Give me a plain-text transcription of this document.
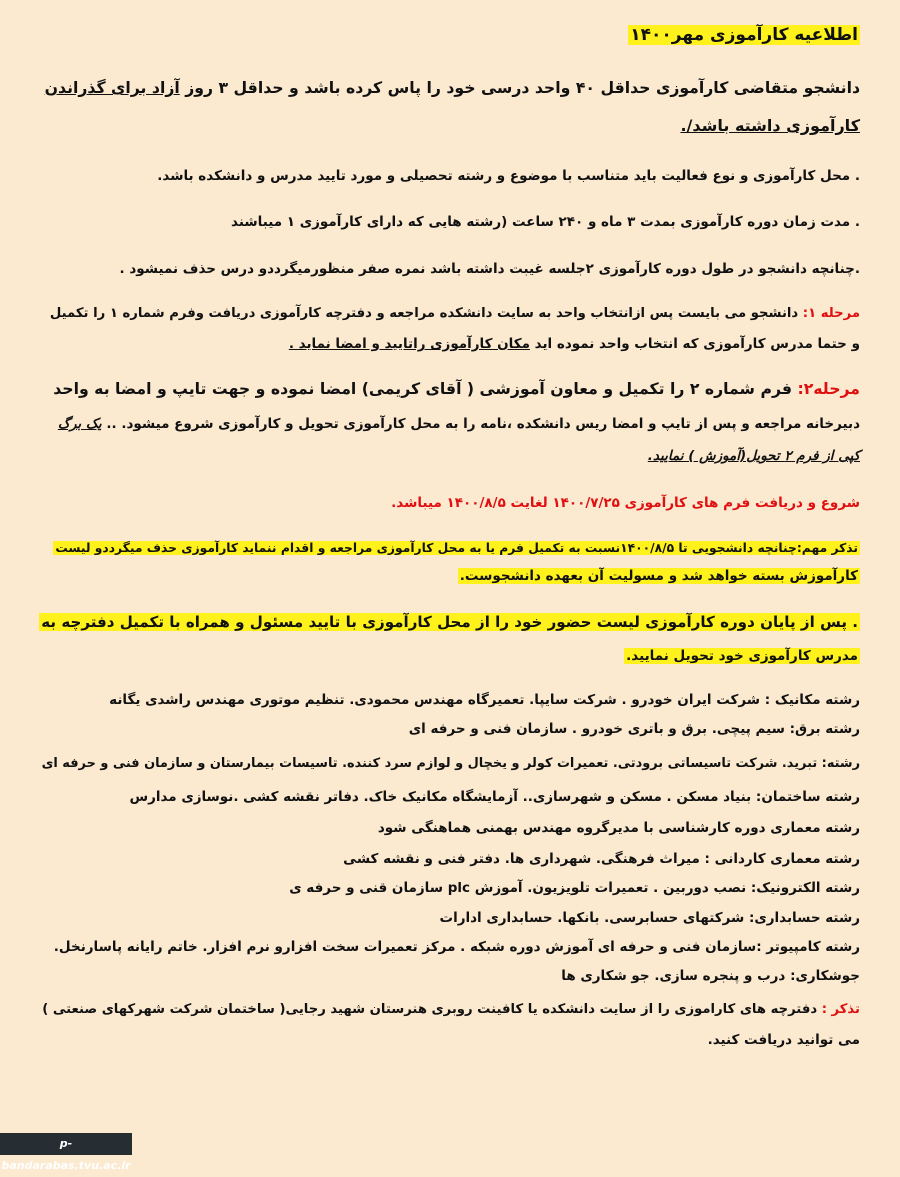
اطلاعیه کارآموزی مهر۱۴۰۰
دانشجو متقاضی کارآموزی حداقل ۴۰ واحد درسی خود را پاس کرده باشد و حداقل ۳ روز آزاد برای گذراندن
کارآموزی داشته باشد/.
. محل کارآموزی و نوع فعالیت باید متناسب با موضوع و رشته تحصیلی و مورد تایید مدرس و دانشکده باشد.
. مدت زمان دوره کارآموزی بمدت ۳ ماه و ۲۴۰ ساعت (رشته هایی که دارای کارآموزی ۱ میباشند
.چنانچه دانشجو در طول دوره کارآموزی ۲جلسه غیبت داشته باشد نمره صفر منظورمیگرددو درس حذف نمیشود .
مرحله ۱: دانشجو می بایست پس ازانتخاب واحد به سایت دانشکده مراجعه و دفترچه کارآموزی دریافت وفرم شماره ۱ را تکمیل
و حتما مدرس کارآموزی که انتخاب واحد نموده اید مکان کارآموزی راتایید و امضا نماید .
مرحله۲: فرم شماره ۲ را تکمیل و معاون آموزشی ( آقای کریمی) امضا نموده و جهت تایپ و امضا به واحد
دبیرخانه مراجعه و پس از تایپ و امضا ریس دانشکده ،نامه را به محل کارآموزی تحویل و کارآموزی شروع میشود. .. یک برگ
کپی از فرم ۲ تحویل(آموزش ) نمایید.
شروع و دریافت فرم های کارآموزی ۱۴۰۰/۷/۲۵ لغایت ۱۴۰۰/۸/۵ میباشد.
تذکر مهم:چنانچه دانشجویی تا ۱۴۰۰/۸/۵نسبت به تکمیل فرم یا به محل کارآموزی مراجعه و اقدام ننماید کارآموزی حذف میگرددو لیست
کارآموزش بسته خواهد شد و مسولیت آن بعهده دانشجوست.
. پس از پایان دوره کارآموزی لیست حضور خود را از محل کارآموزی با تایید مسئول و همراه با تکمیل دفترچه به
مدرس کارآموزی خود تحویل نمایید.
رشته مکانیک : شرکت ایران خودرو . شرکت سایپا. تعمیرگاه مهندس محمودی. تنظیم موتوری مهندس راشدی یگانه
رشته برق: سیم پیچی. برق و باتری خودرو . سازمان فنی و حرفه ای
رشته: تبرید. شرکت تاسیساتی برودتی. تعمیرات کولر و یخچال و لوازم سرد کننده. تاسیسات بیمارستان و سازمان فنی و حرفه ای
رشته ساختمان: بنیاد مسکن . مسکن و شهرسازی.. آزمایشگاه مکانیک خاک. دفاتر نقشه کشی .نوسازی مدارس
رشته معماری دوره کارشناسی با مدیرگروه مهندس بهمنی هماهنگی شود
رشته معماری کاردانی : میراث فرهنگی. شهرداری ها. دفتر فنی و نقشه کشی
رشته الکترونیک: نصب دوربین . تعمیرات تلویزیون. آموزش plc سازمان قنی و حرفه ی
رشته حسابداری: شرکتهای حسابرسی. بانکها. حسابداری ادارات
رشته کامپیوتر :سازمان فنی و حرفه ای آموزش دوره شبکه . مرکز تعمیرات سخت افزارو نرم افزار. خاتم رایانه پاسارنخل.
جوشکاری: درب و پنجره سازی. جو شکاری ها
تذکر : دفترچه های کاراموزی را از سایت دانشکده یا کافینت روبری هنرستان شهید رجایی( ساختمان شرکت شهرکهای صنعتی )
می توانید دریافت کنید.
p-bandarabas.tvu.ac.ir
